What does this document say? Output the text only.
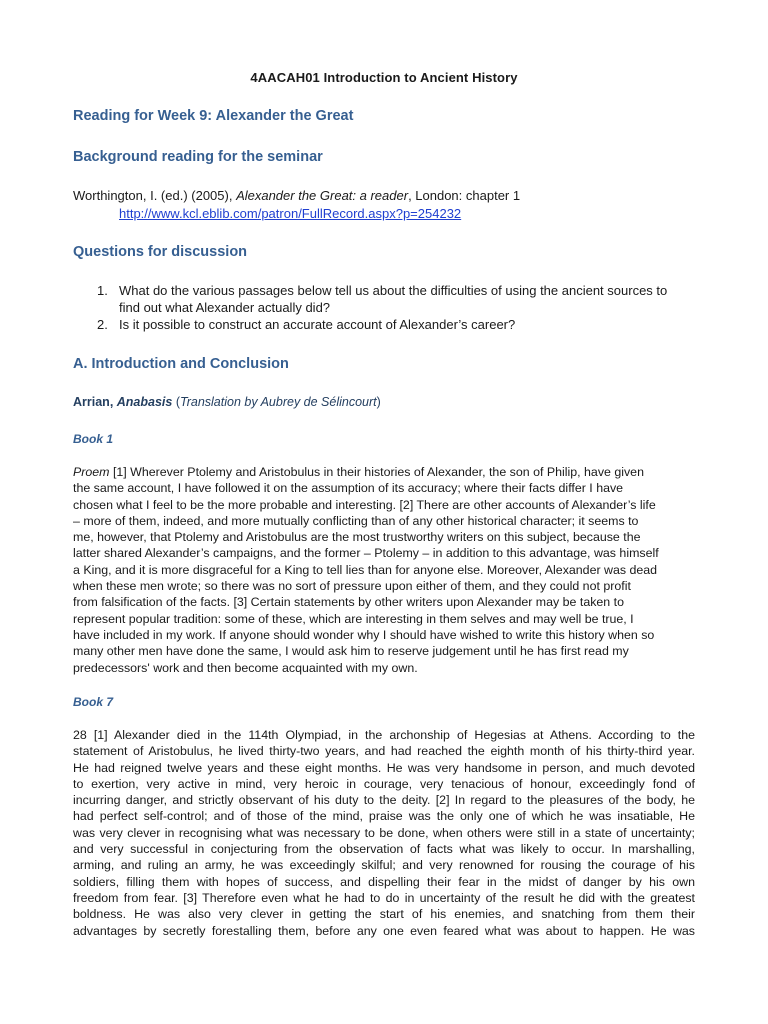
4AACAH01 Introduction to Ancient History
Reading for Week 9: Alexander the Great
Background reading for the seminar
Worthington, I. (ed.) (2005), Alexander the Great: a reader, London: chapter 1
http://www.kcl.eblib.com/patron/FullRecord.aspx?p=254232
Questions for discussion
1. What do the various passages below tell us about the difficulties of using the ancient sources to find out what Alexander actually did?
2. Is it possible to construct an accurate account of Alexander’s career?
A. Introduction and Conclusion
Arrian, Anabasis (Translation by Aubrey de Sélincourt)
Book 1
Proem [1] Wherever Ptolemy and Aristobulus in their histories of Alexander, the son of Philip, have given
the same account, I have followed it on the assumption of its accuracy; where their facts differ I have
chosen what I feel to be the more probable and interesting. [2] There are other accounts of Alexander’s life
– more of them, indeed, and more mutually conflicting than of any other historical character; it seems to
me, however, that Ptolemy and Aristobulus are the most trustworthy writers on this subject, because the
latter shared Alexander’s campaigns, and the former – Ptolemy – in addition to this advantage, was himself
a King, and it is more disgraceful for a King to tell lies than for anyone else. Moreover, Alexander was dead
when these men wrote; so there was no sort of pressure upon either of them, and they could not profit
from falsification of the facts. [3] Certain statements by other writers upon Alexander may be taken to
represent popular tradition: some of these, which are interesting in them selves and may well be true, I
have included in my work. If anyone should wonder why I should have wished to write this history when so
many other men have done the same, I would ask him to reserve judgement until he has first read my
predecessors' work and then become acquainted with my own.
Book 7
28 [1] Alexander died in the 114th Olympiad, in the archonship of Hegesias at Athens. According to the
statement of Aristobulus, he lived thirty-two years, and had reached the eighth month of his thirty-third year.
He had reigned twelve years and these eight months. He was very handsome in person, and much devoted
to exertion, very active in mind, very heroic in courage, very tenacious of honour, exceedingly fond of
incurring danger, and strictly observant of his duty to the deity. [2] In regard to the pleasures of the body, he
had perfect self-control; and of those of the mind, praise was the only one of which he was insatiable, He
was very clever in recognising what was necessary to be done, when others were still in a state of uncertainty;
and very successful in conjecturing from the observation of facts what was likely to occur. In marshalling,
arming, and ruling an army, he was exceedingly skilful; and very renowned for rousing the courage of his
soldiers, filling them with hopes of success, and dispelling their fear in the midst of danger by his own
freedom from fear. [3] Therefore even what he had to do in uncertainty of the result he did with the greatest
boldness. He was also very clever in getting the start of his enemies, and snatching from them their
advantages by secretly forestalling them, before any one even feared what was about to happen. He was
